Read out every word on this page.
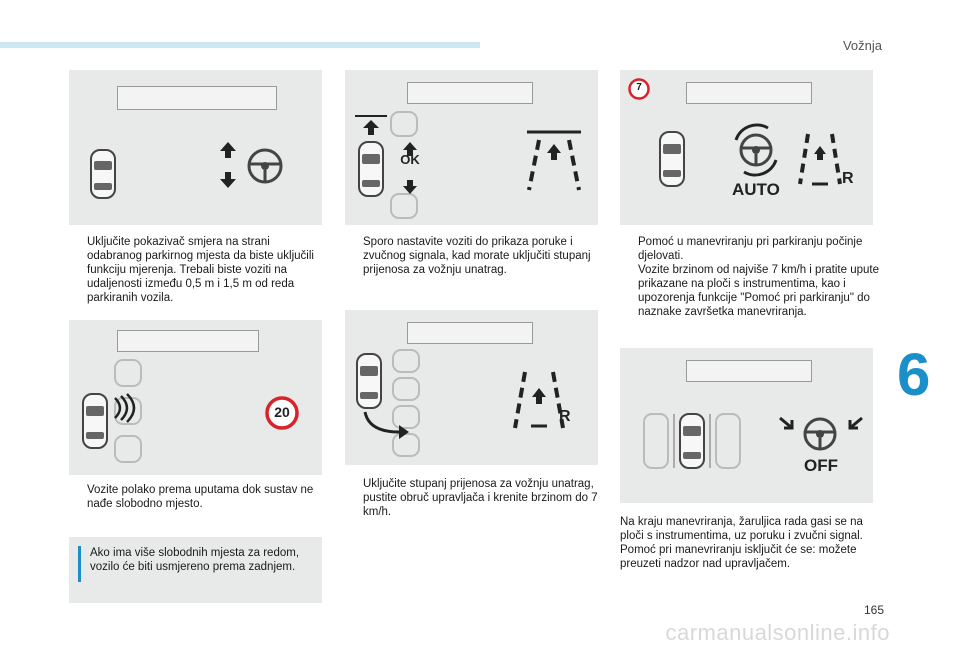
Vožnja
6
165
Uključite pokazivač smjera na strani odabranog parkirnog mjesta da biste uključili funkciju mjerenja. Trebali biste voziti na udaljenosti između 0,5 m i 1,5 m od reda parkiranih vozila.
20
Vozite polako prema uputama dok sustav ne nađe slobodno mjesto.
Ako ima više slobodnih mjesta za redom, vozilo će biti usmjereno prema zadnjem.
OK
Sporo nastavite voziti do prikaza poruke i zvučnog signala, kad morate uključiti stupanj prijenosa za vožnju unatrag.
R
Uključite stupanj prijenosa za vožnju unatrag, pustite obruč upravljača i krenite brzinom do 7 km/h.
7
AUTO
R
Pomoć u manevriranju pri parkiranju počinje djelovati.
Vozite brzinom od najviše 7 km/h i pratite upute prikazane na ploči s instrumentima, kao i upozorenja funkcije "Pomoć pri parkiranju" do naznake završetka manevriranja.
OFF
Na kraju manevriranja, žaruljica rada gasi se na ploči s instrumentima, uz poruku i zvučni signal.
Pomoć pri manevriranju isključit će se: možete preuzeti nadzor nad upravljačem.
carmanualsonline.info
